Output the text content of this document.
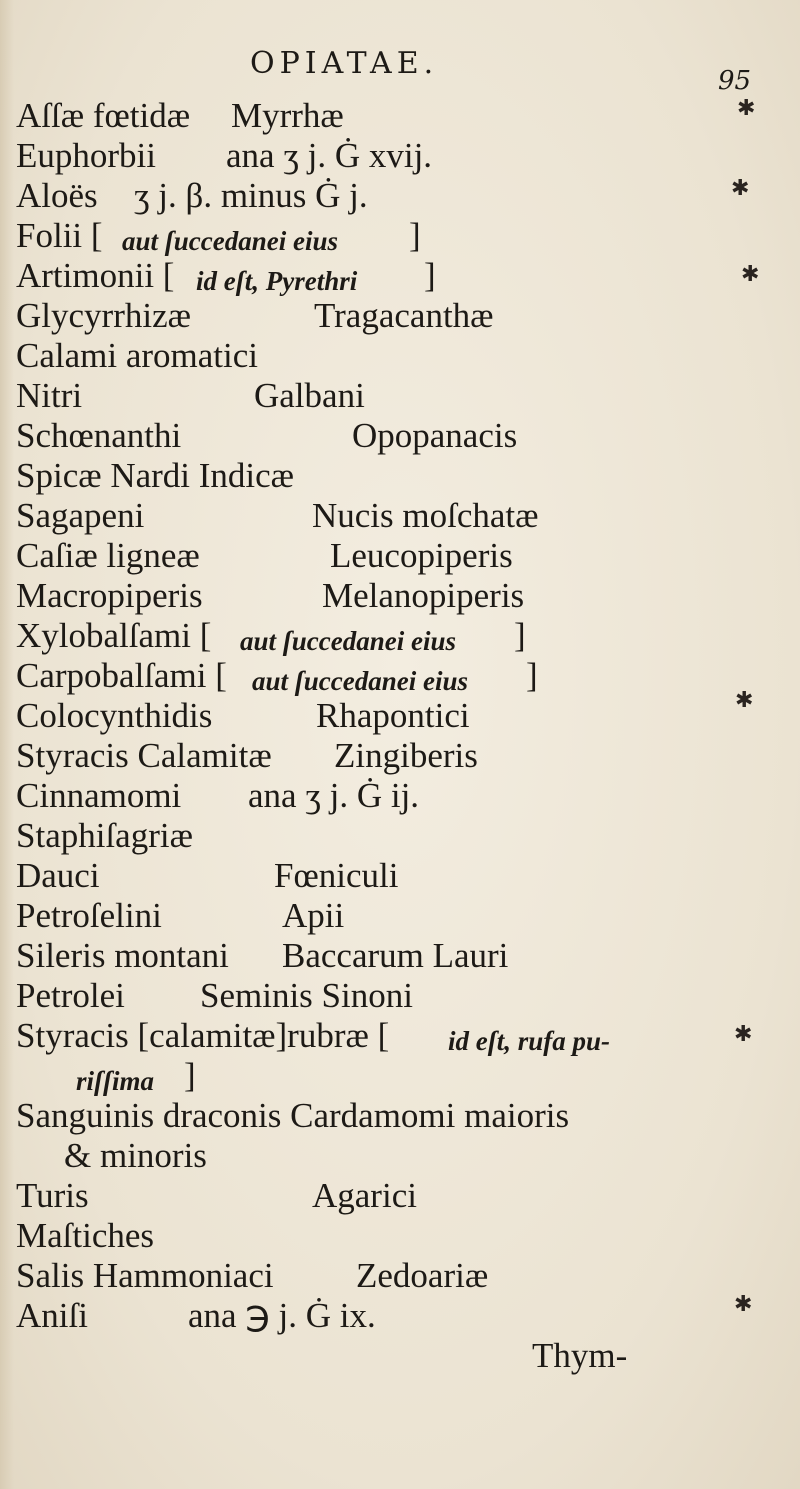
OPIATAE.	95
Aſſæ fœtidæ Myrrhæ
Euphorbii ana ʒ j. Ġ xvij.
Aloës ʒ j. β. minus Ġ j.
Folii [ aut ſuccedanei eius ]
Artimonii [ id eſt, Pyrethri ]
Glycyrrhizæ	Tragacanthæ
Calami aromatici
Nitri	Galbani
Schœnanthi	Opopanacis
Spicæ Nardi Indicæ
Sagapeni	Nucis moſchatæ
Caſiæ ligneæ	Leucopiperis
Macropiperis	Melanopiperis
Xylobalſami [ aut ſuccedanei eius ]
Carpobalſami [ aut ſuccedanei eius ]
Colocynthidis	Rhapontici
Styracis Calamitæ Zingiberis
Cinnamomi ana ʒ j. Ġ ij.
Staphiſagriæ
Dauci	Fœniculi
Petroſelini	Apii
Sileris montani Baccarum Lauri
Petrolei Seminis Sinoni
Styracis [calamitæ]rubræ [ id eſt, rufa pu-
riſſima ]
Sanguinis draconis Cardamomi maioris
& minoris
Turis	Agarici
Maſtiches
Salis Hammoniaci Zedoariæ
Aniſi	ana ℈ j. Ġ ix.
Thym-
✱
✱
✱
✱
✱
✱
